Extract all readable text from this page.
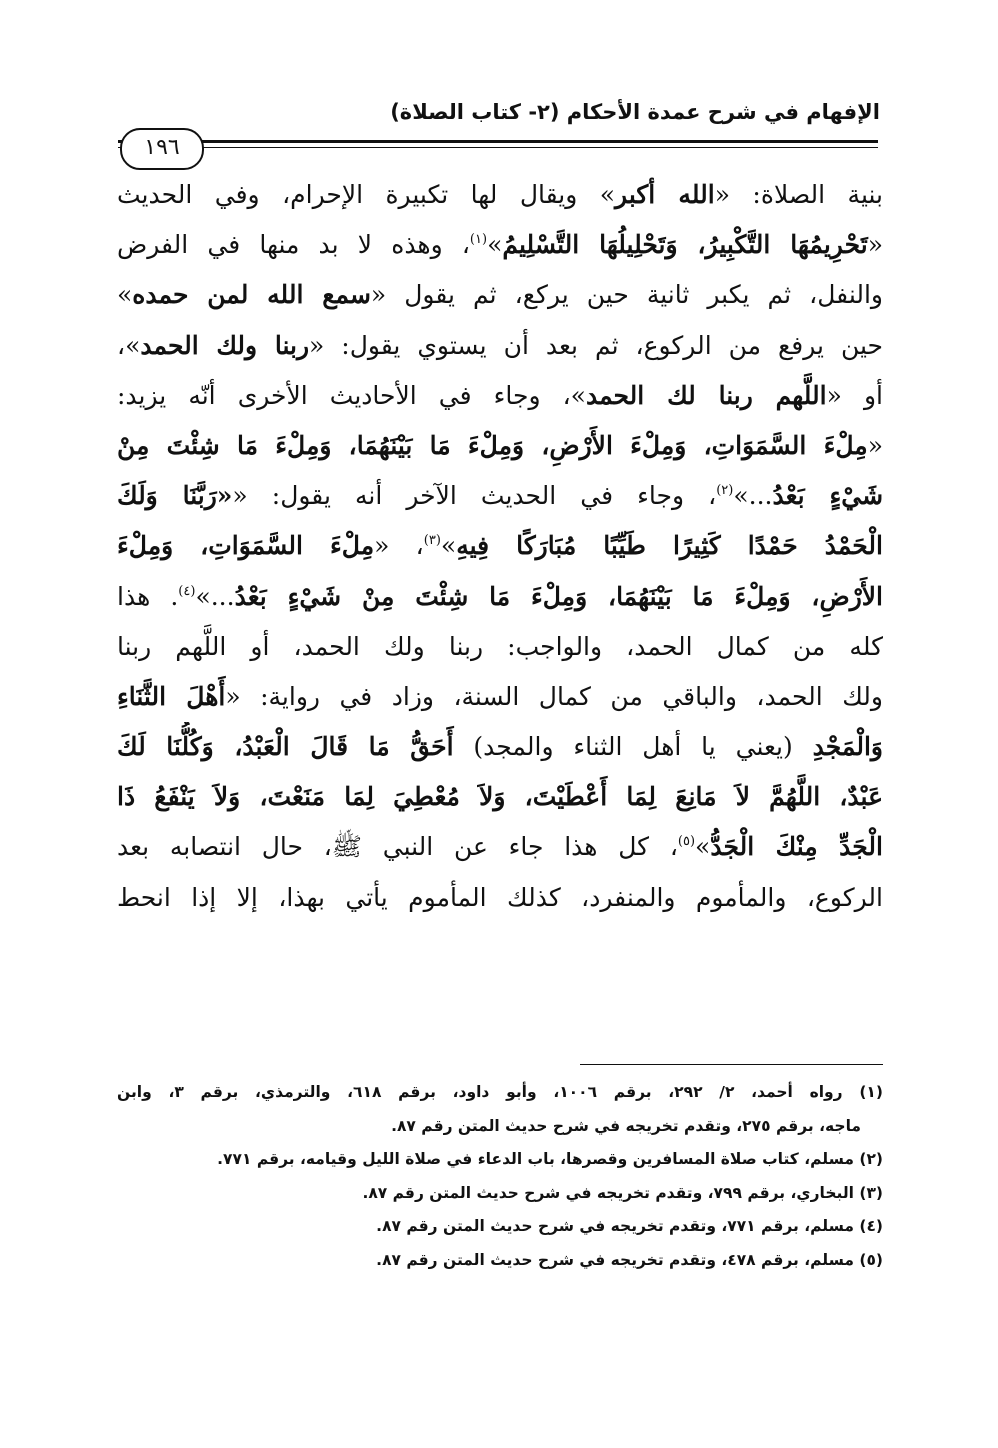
الإفهام في شرح عمدة الأحكام (٢- كتاب الصلاة)
١٩٦
بنية الصلاة: «الله أكبر» ويقال لها تكبيرة الإحرام، وفي الحديث
«تَحْرِيمُهَا التَّكْبِيرُ، وَتَحْلِيلُهَا التَّسْلِيمُ»$^{(١)}$، وهذه لا بد منها في الفرض
والنفل، ثم يكبر ثانية حين يركع، ثم يقول «سمع الله لمن حمده»
حين يرفع من الركوع، ثم بعد أن يستوي يقول: «ربنا ولك الحمد»،
أو «اللَّهم ربنا لك الحمد»، وجاء في الأحاديث الأخرى أنّه يزيد:
«مِلْءَ السَّمَوَاتِ، وَمِلْءَ الأَرْضِ، وَمِلْءَ مَا بَيْنَهُمَا، وَمِلْءَ مَا شِئْتَ مِنْ
شَيْءٍ بَعْدُ...»$^{(٢)}$، وجاء في الحديث الآخر أنه يقول: ««رَبَّنَا وَلَكَ
الْحَمْدُ حَمْدًا كَثِيرًا طَيِّبًا مُبَارَكًا فِيهِ»$^{(٣)}$، «مِلْءَ السَّمَوَاتِ، وَمِلْءَ
الأَرْضِ، وَمِلْءَ مَا بَيْنَهُمَا، وَمِلْءَ مَا شِئْتَ مِنْ شَيْءٍ بَعْدُ...»$^{(٤)}$. هذا
كله من كمال الحمد، والواجب: ربنا ولك الحمد، أو اللَّهم ربنا
ولك الحمد، والباقي من كمال السنة، وزاد في رواية: «أَهْلَ الثَّنَاءِ
وَالْمَجْدِ (يعني يا أهل الثناء والمجد) أَحَقُّ مَا قَالَ الْعَبْدُ، وَكُلُّنَا لَكَ
عَبْدٌ، اللَّهُمَّ لاَ مَانِعَ لِمَا أَعْطَيْتَ، وَلاَ مُعْطِيَ لِمَا مَنَعْتَ، وَلاَ يَنْفَعُ ذَا
الْجَدِّ مِنْكَ الْجَدُّ»$^{(٥)}$، كل هذا جاء عن النبي ﷺ، حال انتصابه بعد
الركوع، والمأموم والمنفرد، كذلك المأموم يأتي بهذا، إلا إذا انحط
(١) رواه أحمد، ٢/ ٢٩٢، برقم ١٠٠٦، وأبو داود، برقم ٦١٨، والترمذي، برقم ٣، وابن
ماجه، برقم ٢٧٥، وتقدم تخريجه في شرح حديث المتن رقم ٨٧.
(٢) مسلم، كتاب صلاة المسافرين وقصرها، باب الدعاء في صلاة الليل وقيامه، برقم ٧٧١.
(٣) البخاري، برقم ٧٩٩، وتقدم تخريجه في شرح حديث المتن رقم ٨٧.
(٤) مسلم، برقم ٧٧١، وتقدم تخريجه في شرح حديث المتن رقم ٨٧.
(٥) مسلم، برقم ٤٧٨، وتقدم تخريجه في شرح حديث المتن رقم ٨٧.
